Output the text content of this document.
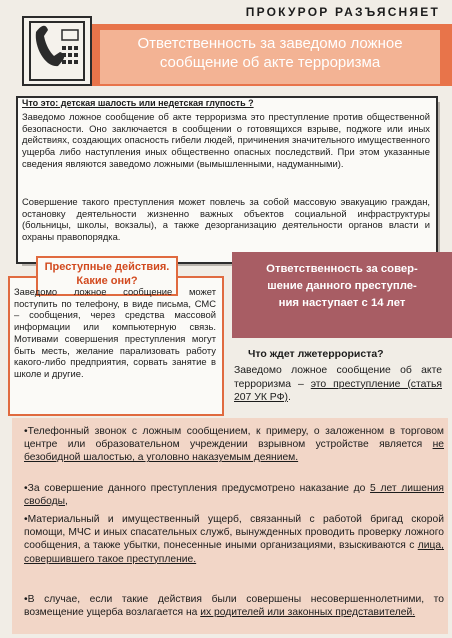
ПРОКУРОР РАЗЪЯСНЯЕТ
Ответственность за заведомо ложное
сообщение об акте терроризма
Что это: детская шалость или недетская глупость ?
Заведомо ложное сообщение об акте терроризма это преступление против общественной безопасности. Оно заключается в сообщении о готовящихся взрыве, поджоге или иных действиях, создающих опасность гибели людей, причинения значительного имущественного ущерба либо наступления иных общественно опасных последствий. При этом указанные сведения являются заведомо ложными (вымышленными, надуманными).
Совершение такого преступления может повлечь за собой массовую эвакуацию граждан, остановку деятельности жизненно важных объектов социальной инфраструктуры (больницы, школы, вокзалы), а также дезорганизацию деятельности органов власти и охраны правопорядка.
Преступные действия.
Какие они?
Заведомо ложное сообщение может поступить по телефону, в виде письма, СМС – сообщения, через средства массовой информации или компьютерную связь. Мотивами совершения преступления могут быть месть, желание парализовать работу какого-либо предприятия, сорвать занятие в школе и другие.
Ответственность за совер-
шение данного преступле-
ния наступает с 14 лет
Что ждет лжетеррориста?
Заведомо ложное сообщение об акте терроризма – это преступление (статья 207 УК РФ).
•Телефонный звонок с ложным сообщением, к примеру, о заложенном в торговом центре или образовательном учреждении взрывном устройстве является не безобидной шалостью, а уголовно наказуемым деянием.
•За совершение данного преступления предусмотрено наказание до 5 лет лишения свободы,
•Материальный и имущественный ущерб, связанный с работой бригад скорой помощи, МЧС и иных спасательных служб, вынужденных проводить проверку ложного сообщения, а также убытки, понесенные иными организациями, взыскиваются с лица, совершившего такое преступление.
•В случае, если такие действия были совершены несовершеннолетними, то возмещение ущерба возлагается на их родителей или законных представителей.
